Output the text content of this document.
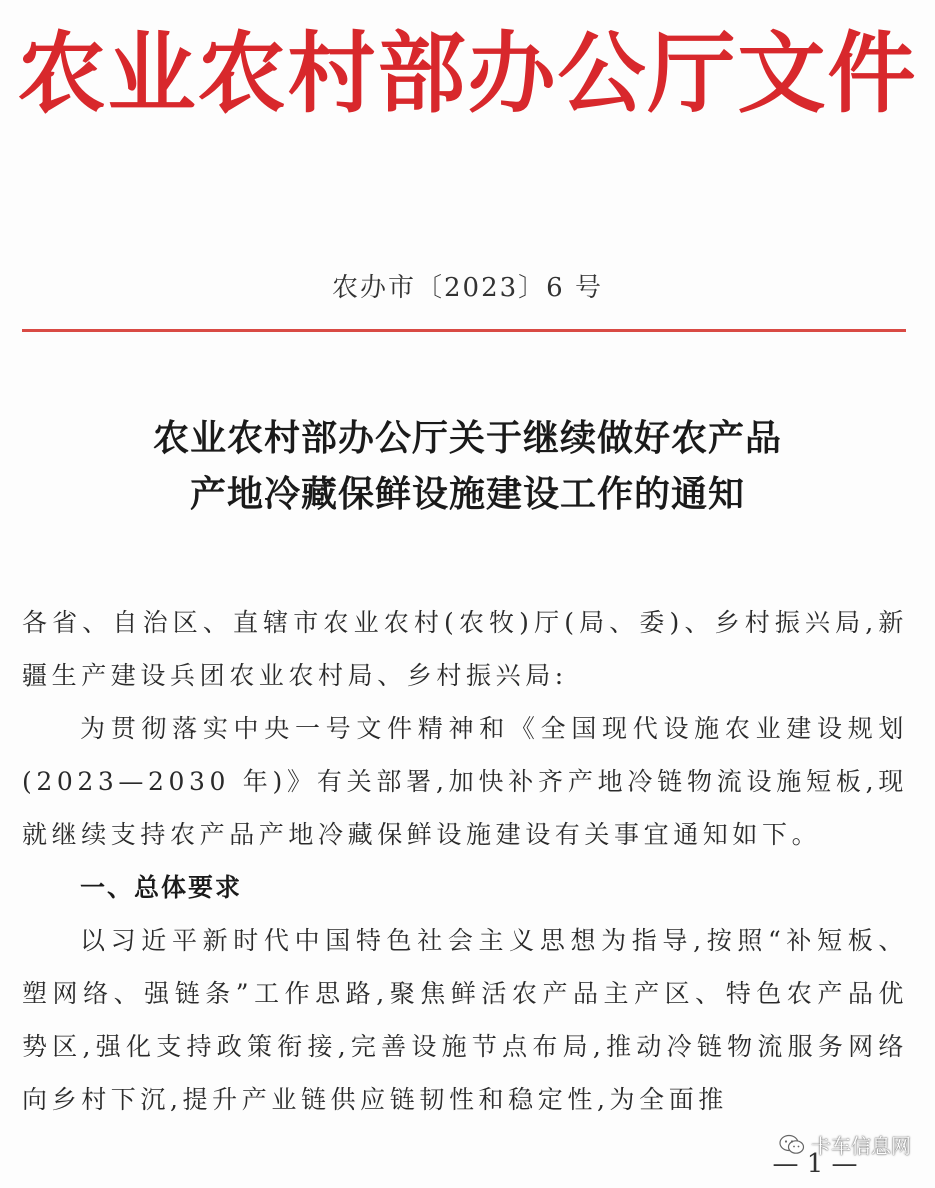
农业农村部办公厅文件
农办市〔2023〕6 号
农业农村部办公厅关于继续做好农产品
产地冷藏保鲜设施建设工作的通知

各省、自治区、直辖市农业农村(农牧)厅(局、委)、乡村振兴局,新疆生产建设兵团农业农村局、乡村振兴局:

为贯彻落实中央一号文件精神和《全国现代设施农业建设规划(2023—2030 年)》有关部署,加快补齐产地冷链物流设施短板,现就继续支持农产品产地冷藏保鲜设施建设有关事宜通知如下。

一、总体要求

以习近平新时代中国特色社会主义思想为指导,按照“补短板、塑网络、强链条”工作思路,聚焦鲜活农产品主产区、特色农产品优势区,强化支持政策衔接,完善设施节点布局,推动冷链物流服务网络向乡村下沉,提升产业链供应链韧性和稳定性,为全面推

卡车信息网
— 1 —
